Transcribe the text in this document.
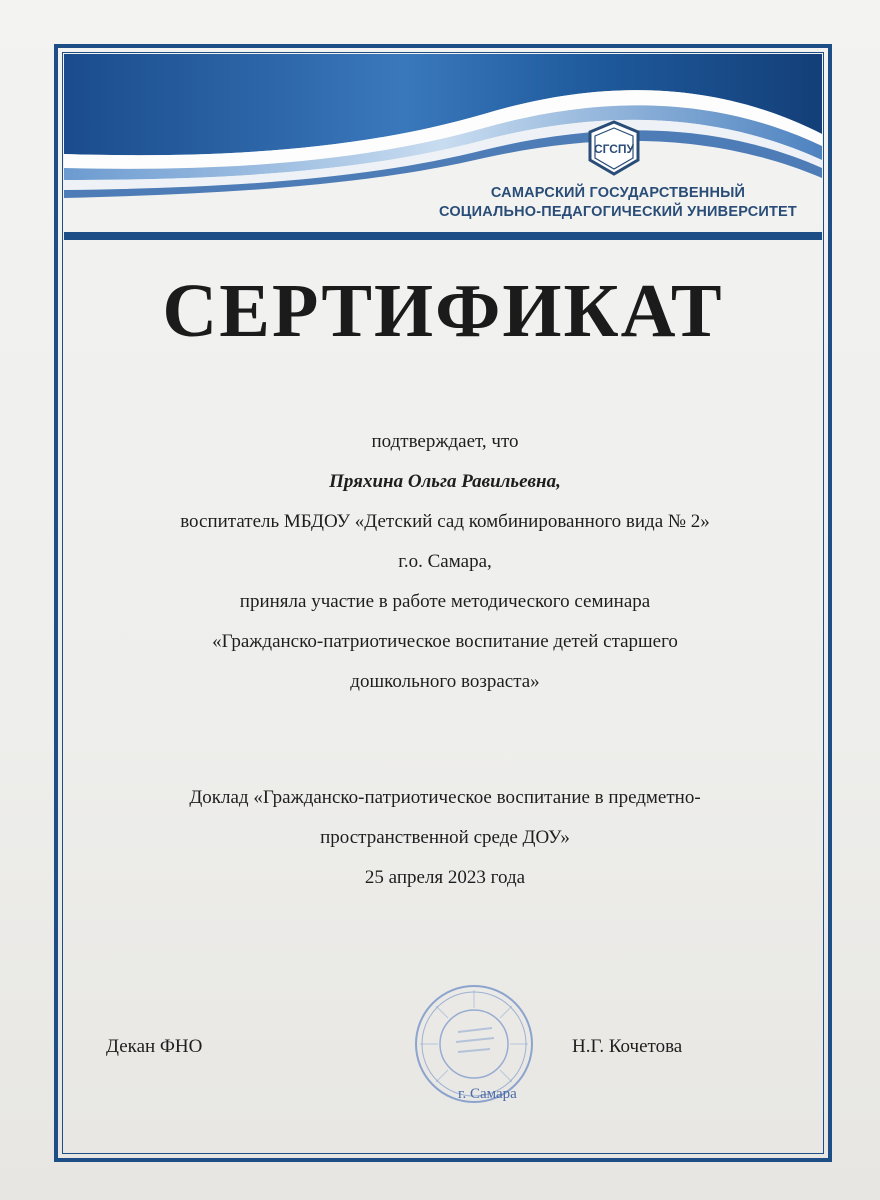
СГСПУ
САМАРСКИЙ ГОСУДАРСТВЕННЫЙ
СОЦИАЛЬНО-ПЕДАГОГИЧЕСКИЙ УНИВЕРСИТЕТ
СЕРТИФИКАТ

подтверждает, что

Пряхина Ольга Равильевна,

воспитатель МБДОУ «Детский сад комбинированного вида № 2»

г.о. Самара,

приняла участие в работе методического семинара

«Гражданско-патриотическое воспитание детей старшего

дошкольного возраста»

Доклад «Гражданско-патриотическое воспитание в предметно-

пространственной среде ДОУ»

25 апреля 2023 года

Декан ФНО
г. Самара
Н.Г. Кочетова
